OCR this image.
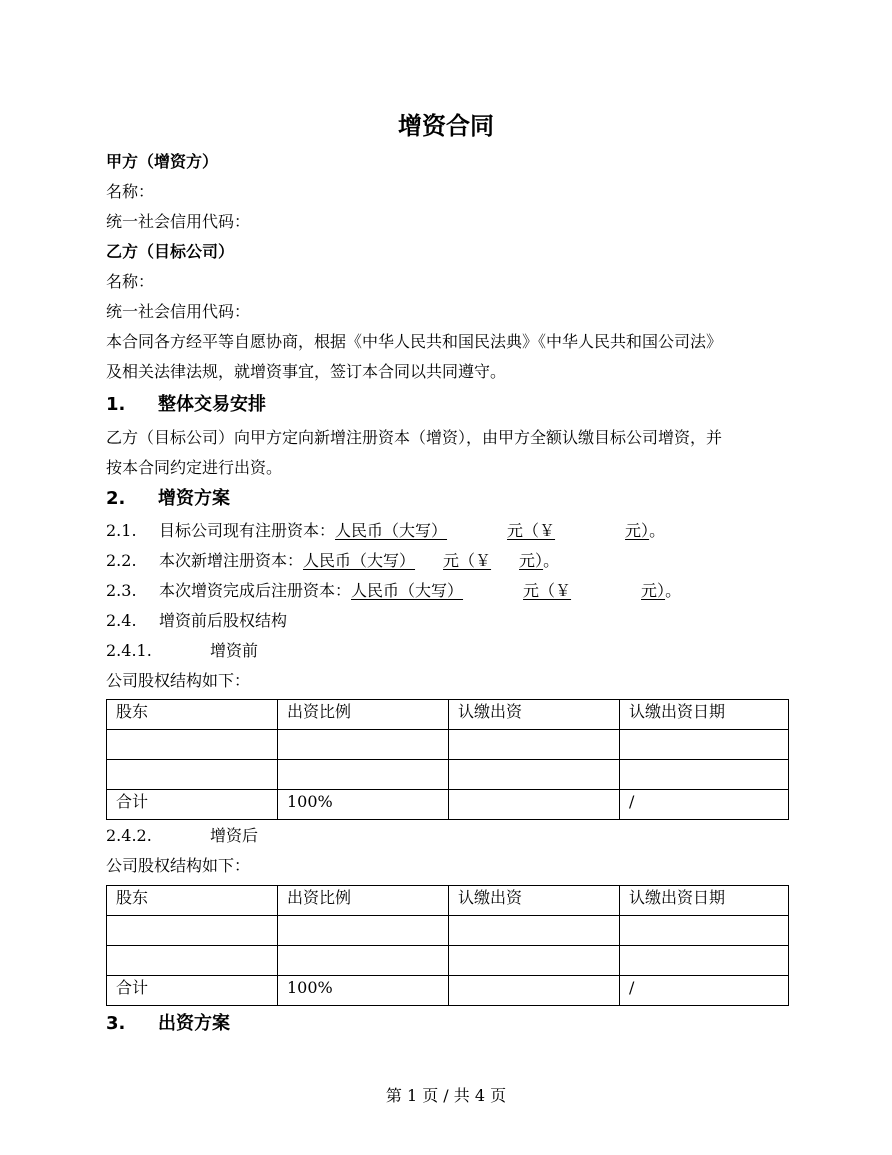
增资合同
甲方（增资方）
名称：
统一社会信用代码：
乙方（目标公司）
名称：
统一社会信用代码：
本合同各方经平等自愿协商，根据《中华人民共和国民法典》《中华人民共和国公司法》
及相关法律法规，就增资事宜，签订本合同以共同遵守。
1. 整体交易安排
乙方（目标公司）向甲方定向新增注册资本（增资），由甲方全额认缴目标公司增资，并
按本合同约定进行出资。
2. 增资方案
2.1. 目标公司现有注册资本：人民币（大写）	元（￥	元）。
2.2. 本次新增注册资本：人民币（大写） 元（￥ 元）。
2.3. 本次增资完成后注册资本：人民币（大写）	元（￥	元）。
2.4. 增资前后股权结构
2.4.1.	增资前
公司股权结构如下：
股东	出资比例	认缴出资	认缴出资日期

合计	100%		/
2.4.2.	增资后
公司股权结构如下：
股东	出资比例	认缴出资	认缴出资日期

合计	100%		/
3. 出资方案
第 1 页 / 共 4 页
